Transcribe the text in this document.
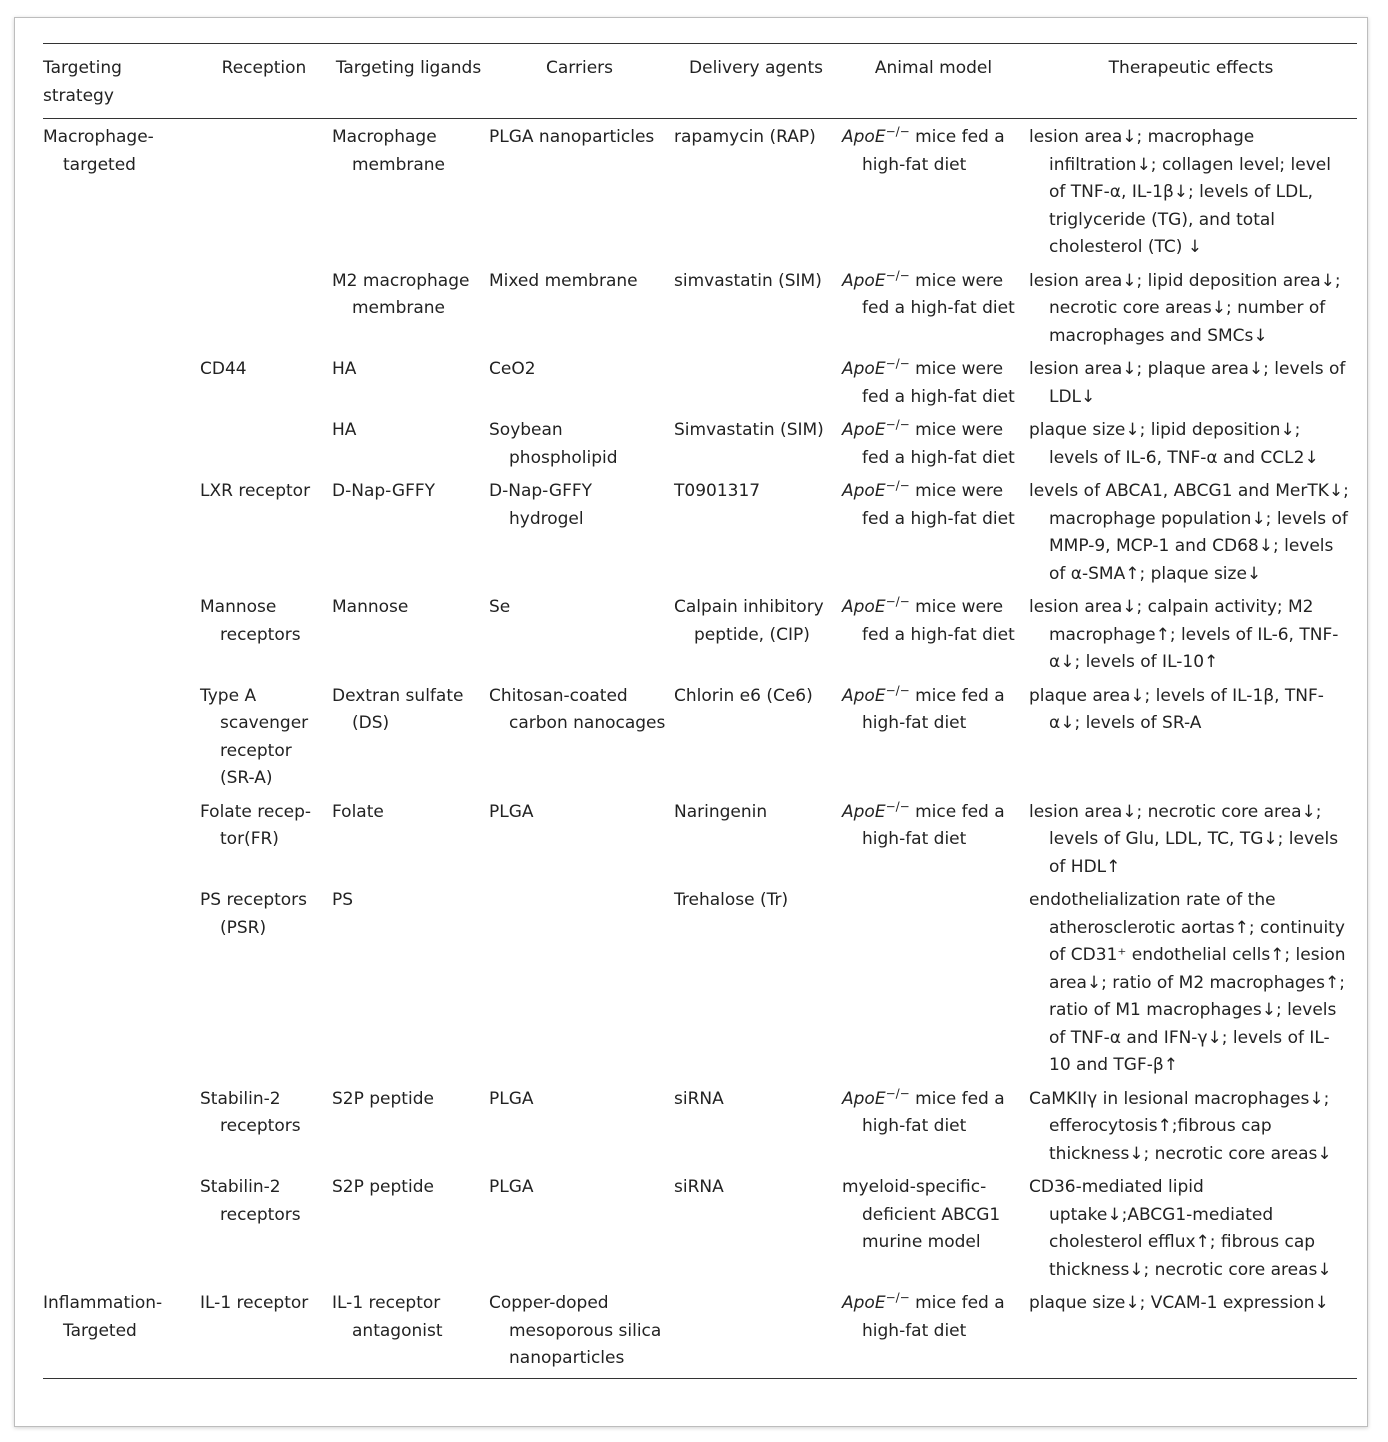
Targeting strategy	Reception	Targeting ligands	Carriers	Delivery agents	Animal model	Therapeutic effects
Macrophage-targeted		Macrophage membrane	PLGA nanoparticles	rapamycin (RAP)	ApoE−/− mice fed a high-fat diet	lesion area↓; macrophage infiltration↓; collagen level; level of TNF-α, IL-1β↓; levels of LDL, triglyceride (TG), and total cholesterol (TC) ↓
		M2 macrophage membrane	Mixed membrane	simvastatin (SIM)	ApoE−/− mice were fed a high-fat diet	lesion area↓; lipid deposition area↓; necrotic core areas↓; number of macrophages and SMCs↓
	CD44	HA	CeO2		ApoE−/− mice were fed a high-fat diet	lesion area↓; plaque area↓; levels of LDL↓
		HA	Soybean phospholipid	Simvastatin (SIM)	ApoE−/− mice were fed a high-fat diet	plaque size↓; lipid deposition↓; levels of IL-6, TNF-α and CCL2↓
	LXR receptor	D-Nap-GFFY	D-Nap-GFFY hydrogel	T0901317	ApoE−/− mice were fed a high-fat diet	levels of ABCA1, ABCG1 and MerTK↓; macrophage population↓; levels of MMP-9, MCP-1 and CD68↓; levels of α-SMA↑; plaque size↓
	Mannose receptors	Mannose	Se	Calpain inhibitory peptide, (CIP)	ApoE−/− mice were fed a high-fat diet	lesion area↓; calpain activity; M2 macrophage↑; levels of IL-6, TNF-α↓; levels of IL-10↑
	Type A scavenger receptor (SR-A)	Dextran sulfate (DS)	Chitosan-coated carbon nanocages	Chlorin e6 (Ce6)	ApoE−/− mice fed a high-fat diet	plaque area↓; levels of IL-1β, TNF-α↓; levels of SR-A
	Folate recep-tor(FR)	Folate	PLGA	Naringenin	ApoE−/− mice fed a high-fat diet	lesion area↓; necrotic core area↓; levels of Glu, LDL, TC, TG↓; levels of HDL↑
	PS receptors (PSR)	PS		Trehalose (Tr)		endothelialization rate of the atherosclerotic aortas↑; continuity of CD31⁺ endothelial cells↑; lesion area↓; ratio of M2 macrophages↑; ratio of M1 macrophages↓; levels of TNF-α and IFN-γ↓; levels of IL-10 and TGF-β↑
	Stabilin-2 receptors	S2P peptide	PLGA	siRNA	ApoE−/− mice fed a high-fat diet	CaMKIIγ in lesional macrophages↓; efferocytosis↑;fibrous cap thickness↓; necrotic core areas↓
	Stabilin-2 receptors	S2P peptide	PLGA	siRNA	myeloid-specific-deficient ABCG1 murine model	CD36-mediated lipid uptake↓;ABCG1-mediated cholesterol efflux↑; fibrous cap thickness↓; necrotic core areas↓
Inflammation-Targeted	IL-1 receptor	IL-1 receptor antagonist	Copper-doped mesoporous silica nanoparticles		ApoE−/− mice fed a high-fat diet	plaque size↓; VCAM-1 expression↓
